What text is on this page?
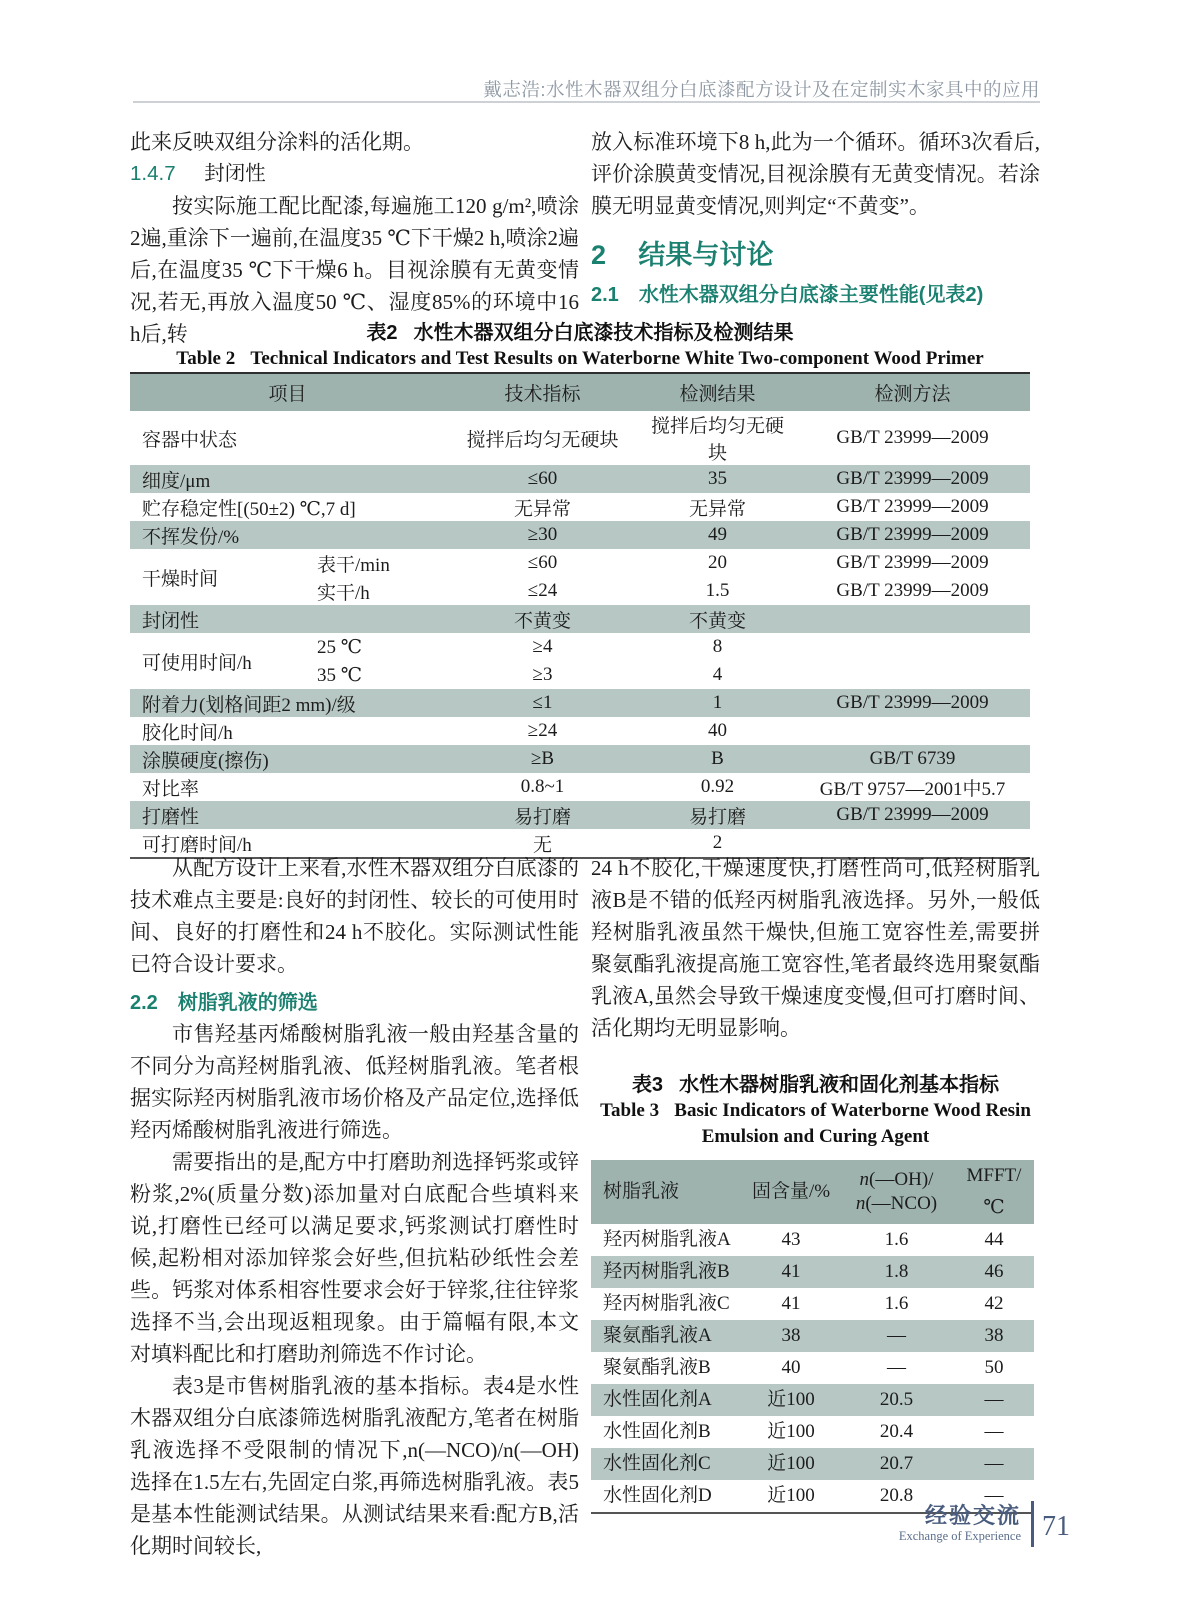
戴志浩:水性木器双组分白底漆配方设计及在定制实木家具中的应用

此来反映双组分涂料的活化期。

1.4.7 封闭性

按实际施工配比配漆,每遍施工120 g/m²,喷涂2遍,重涂下一遍前,在温度35 ℃下干燥2 h,喷涂2遍后,在温度35 ℃下干燥6 h。目视涂膜有无黄变情况,若无,再放入温度50 ℃、湿度85%的环境中16 h后,转

放入标准环境下8 h,此为一个循环。循环3次看后,评价涂膜黄变情况,目视涂膜有无黄变情况。若涂膜无明显黄变情况,则判定“不黄变”。

2 结果与讨论
2.1 水性木器双组分白底漆主要性能(见表2)
表2 水性木器双组分白底漆技术指标及检测结果
Table 2 Technical Indicators and Test Results on Waterborne White Two-component Wood Primer
项目		技术指标	检测结果	检测方法
容器中状态		搅拌后均匀无硬块	搅拌后均匀无硬块	GB/T 23999—2009
细度/μm		≤60	35	GB/T 23999—2009
贮存稳定性[(50±2) ℃,7 d]		无异常	无异常	GB/T 23999—2009
不挥发份/%		≥30	49	GB/T 23999—2009
干燥时间	表干/min	≤60	20	GB/T 23999—2009
	实干/h	≤24	1.5	GB/T 23999—2009
封闭性		不黄变	不黄变	
可使用时间/h	25 ℃	≥4	8	
	35 ℃	≥3	4	
附着力(划格间距2 mm)/级		≤1	1	GB/T 23999—2009
胶化时间/h		≥24	40	
涂膜硬度(擦伤)		≥B	B	GB/T 6739
对比率		0.8~1	0.92	GB/T 9757—2001中5.7
打磨性		易打磨	易打磨	GB/T 23999—2009
可打磨时间/h		无	2	

从配方设计上来看,水性木器双组分白底漆的技术难点主要是:良好的封闭性、较长的可使用时间、良好的打磨性和24 h不胶化。实际测试性能已符合设计要求。

2.2 树脂乳液的筛选

市售羟基丙烯酸树脂乳液一般由羟基含量的不同分为高羟树脂乳液、低羟树脂乳液。笔者根据实际羟丙树脂乳液市场价格及产品定位,选择低羟丙烯酸树脂乳液进行筛选。

需要指出的是,配方中打磨助剂选择钙浆或锌粉浆,2%(质量分数)添加量对白底配合些填料来说,打磨性已经可以满足要求,钙浆测试打磨性时候,起粉相对添加锌浆会好些,但抗粘砂纸性会差些。钙浆对体系相容性要求会好于锌浆,往往锌浆选择不当,会出现返粗现象。由于篇幅有限,本文对填料配比和打磨助剂筛选不作讨论。

表3是市售树脂乳液的基本指标。表4是水性木器双组分白底漆筛选树脂乳液配方,笔者在树脂乳液选择不受限制的情况下,n(—NCO)/n(—OH)选择在1.5左右,先固定白浆,再筛选树脂乳液。表5是基本性能测试结果。从测试结果来看:配方B,活化期时间较长,

24 h不胶化,干燥速度快,打磨性尚可,低羟树脂乳液B是不错的低羟丙树脂乳液选择。另外,一般低羟树脂乳液虽然干燥快,但施工宽容性差,需要拼聚氨酯乳液提高施工宽容性,笔者最终选用聚氨酯乳液A,虽然会导致干燥速度变慢,但可打磨时间、活化期均无明显影响。

表3 水性木器树脂乳液和固化剂基本指标
Table 3 Basic Indicators of Waterborne Wood Resin
Emulsion and Curing Agent
树脂乳液	固含量/%	n(—OH)/
n(—NCO)	MFFT/℃
羟丙树脂乳液A	43	1.6	44
羟丙树脂乳液B	41	1.8	46
羟丙树脂乳液C	41	1.6	42
聚氨酯乳液A	38	—	38
聚氨酯乳液B	40	—	50
水性固化剂A	近100	20.5	—
水性固化剂B	近100	20.4	—
水性固化剂C	近100	20.7	—
水性固化剂D	近100	20.8	—
经验交流
Exchange of Experience 71
